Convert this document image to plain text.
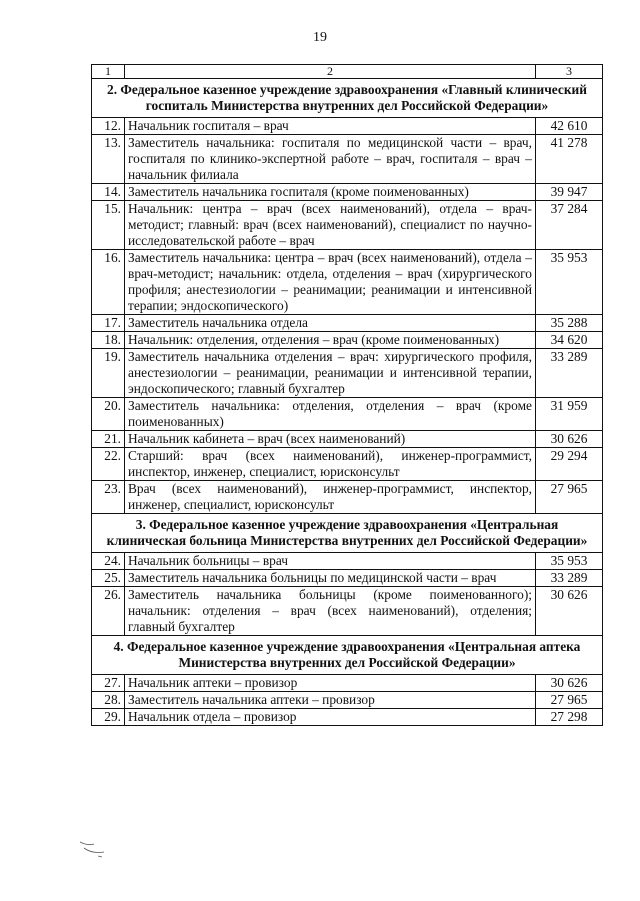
19
1	2	3
2. Федеральное казенное учреждение здравоохранения «Главный клинический госпиталь Министерства внутренних дел Российской Федерации»		
12.	Начальник госпиталя – врач	42 610
13.	Заместитель начальника: госпиталя по медицинской части – врач, госпиталя по клинико-экспертной работе – врач, госпиталя – врач – начальник филиала	41 278
14.	Заместитель начальника госпиталя (кроме поименованных)	39 947
15.	Начальник: центра – врач (всех наименований), отдела – врач-методист; главный: врач (всех наименований), специалист по научно-исследовательской работе – врач	37 284
16.	Заместитель начальника: центра – врач (всех наименований), отдела – врач-методист; начальник: отдела, отделения – врач (хирургического профиля; анестезиологии – реанимации; реанимации и интенсивной терапии; эндоскопического)	35 953
17.	Заместитель начальника отдела	35 288
18.	Начальник: отделения, отделения – врач (кроме поименованных)	34 620
19.	Заместитель начальника отделения – врач: хирургического профиля, анестезиологии – реанимации, реанимации и интенсивной терапии, эндоскопического; главный бухгалтер	33 289
20.	Заместитель начальника: отделения, отделения – врач (кроме поименованных)	31 959
21.	Начальник кабинета – врач (всех наименований)	30 626
22.	Старший: врач (всех наименований), инженер-программист, инспектор, инженер, специалист, юрисконсульт	29 294
23.	Врач (всех наименований), инженер-программист, инспектор, инженер, специалист, юрисконсульт	27 965
3. Федеральное казенное учреждение здравоохранения «Центральная клиническая больница Министерства внутренних дел Российской Федерации»		
24.	Начальник больницы – врач	35 953
25.	Заместитель начальника больницы по медицинской части – врач	33 289
26.	Заместитель начальника больницы (кроме поименованного); начальник: отделения – врач (всех наименований), отделения; главный бухгалтер	30 626
4. Федеральное казенное учреждение здравоохранения «Центральная аптека Министерства внутренних дел Российской Федерации»		
27.	Начальник аптеки – провизор	30 626
28.	Заместитель начальника аптеки – провизор	27 965
29.	Начальник отдела – провизор	27 298
